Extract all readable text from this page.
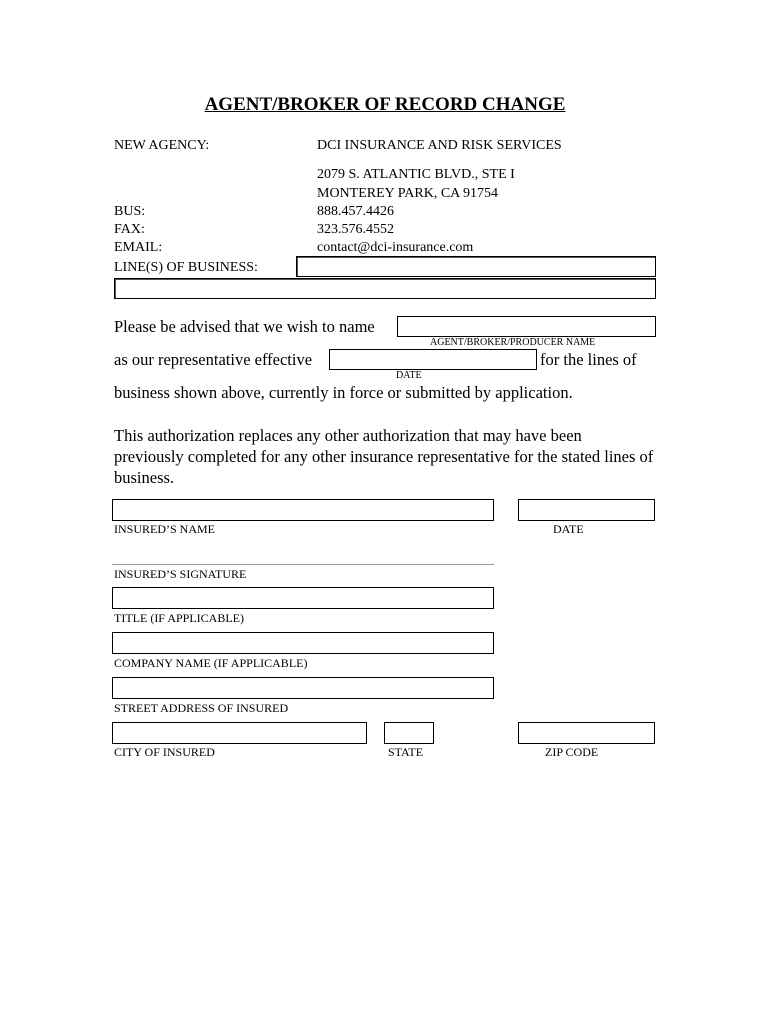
AGENT/BROKER OF RECORD CHANGE
NEW AGENCY:	DCI INSURANCE AND RISK SERVICES
2079 S. ATLANTIC BLVD., STE I
MONTEREY PARK, CA 91754
BUS:	888.457.4426
FAX:	323.576.4552
EMAIL:	contact@dci-insurance.com
LINE(S) OF BUSINESS:
Please be advised that we wish to name
AGENT/BROKER/PRODUCER NAME
as our representative effective	for the lines of
DATE
business shown above, currently in force or submitted by application.
This authorization replaces any other authorization that may have been previously completed for any other insurance representative for the stated lines of business.
INSURED’S NAME	DATE
INSURED’S SIGNATURE
TITLE (IF APPLICABLE)
COMPANY NAME (IF APPLICABLE)
STREET ADDRESS OF INSURED
CITY OF INSURED	STATE	ZIP CODE
